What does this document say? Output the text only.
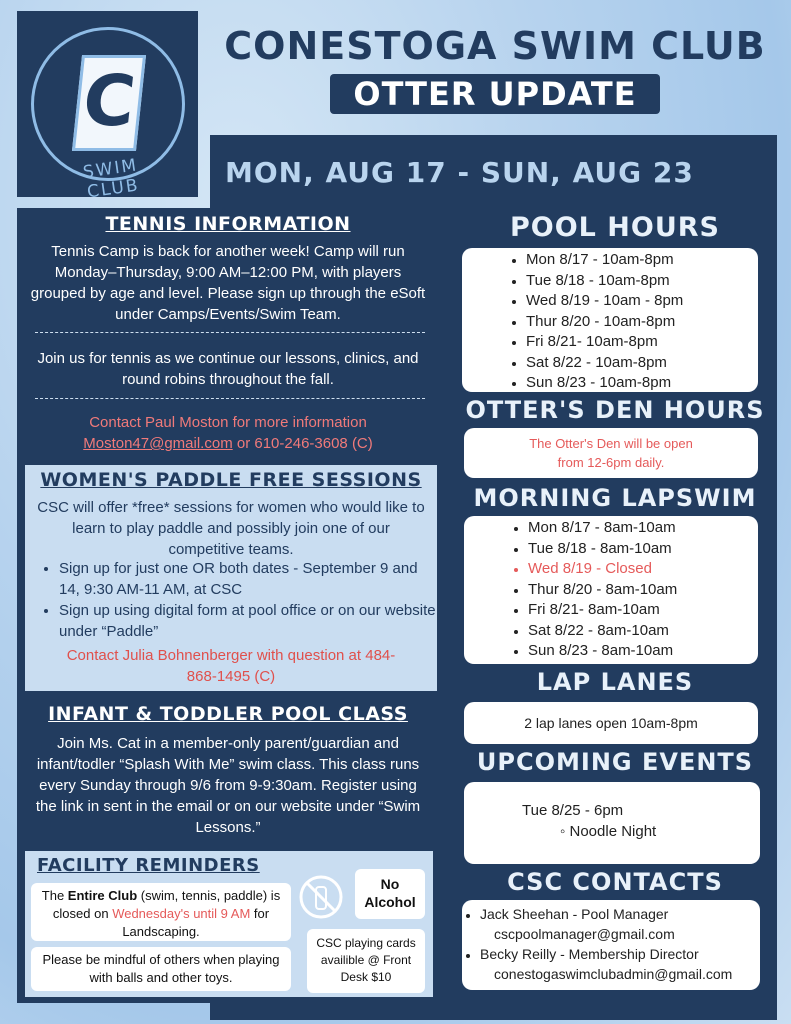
C
SWIM CLUB
CONESTOGA SWIM CLUB
OTTER UPDATE
MON, AUG 17 - SUN, AUG 23
TENNIS INFORMATION

Tennis Camp is back for another week! Camp will run Monday–Thursday, 9:00 AM–12:00 PM, with players grouped by age and level. Please sign up through the eSoft under Camps/Events/Swim Team.

Join us for tennis as we continue our lessons, clinics, and round robins throughout the fall.

Contact Paul Moston for more information
Moston47@gmail.com or 610-246-3608 (C)

WOMEN'S PADDLE FREE SESSIONS

CSC will offer *free* sessions for women who would like to learn to play paddle and possibly join one of our competitive teams.

• Sign up for just one OR both dates - September 9 and 14, 9:30 AM-11 AM, at CSC
• Sign up using digital form at pool office or on our website under “Paddle”

Contact Julia Bohnenberger with question at 484-868-1495 (C)

INFANT & TODDLER POOL CLASS

Join Ms. Cat in a member-only parent/guardian and infant/todler “Splash With Me” swim class. This class runs every Sunday through 9/6 from 9-9:30am. Register using the link in sent in the email or on our website under “Swim Lessons.”

FACILITY REMINDERS
The Entire Club (swim, tennis, paddle) is closed on Wednesday's until 9 AM for Landscaping.
Please be mindful of others when playing with balls and other toys.
No Alcohol
CSC playing cards availible @ Front Desk $10
POOL HOURS
• Mon 8/17 - 10am-8pm
• Tue 8/18 - 10am-8pm
• Wed 8/19 - 10am - 8pm
• Thur 8/20 - 10am-8pm
• Fri 8/21- 10am-8pm
• Sat 8/22 - 10am-8pm
• Sun 8/23 - 10am-8pm
OTTER'S DEN HOURS
The Otter's Den will be open
from 12-6pm daily.
MORNING LAPSWIM
• Mon 8/17 - 8am-10am
• Tue 8/18 - 8am-10am
• Wed 8/19 - Closed
• Thur 8/20 - 8am-10am
• Fri 8/21- 8am-10am
• Sat 8/22 - 8am-10am
• Sun 8/23 - 8am-10am
LAP LANES
2 lap lanes open 10am-8pm
UPCOMING EVENTS
Tue 8/25 - 6pm
◦ Noodle Night
CSC CONTACTS
• Jack Sheehan - Pool Manager
cscpoolmanager@gmail.com
• Becky Reilly - Membership Director
conestogaswimclubadmin@gmail.com
